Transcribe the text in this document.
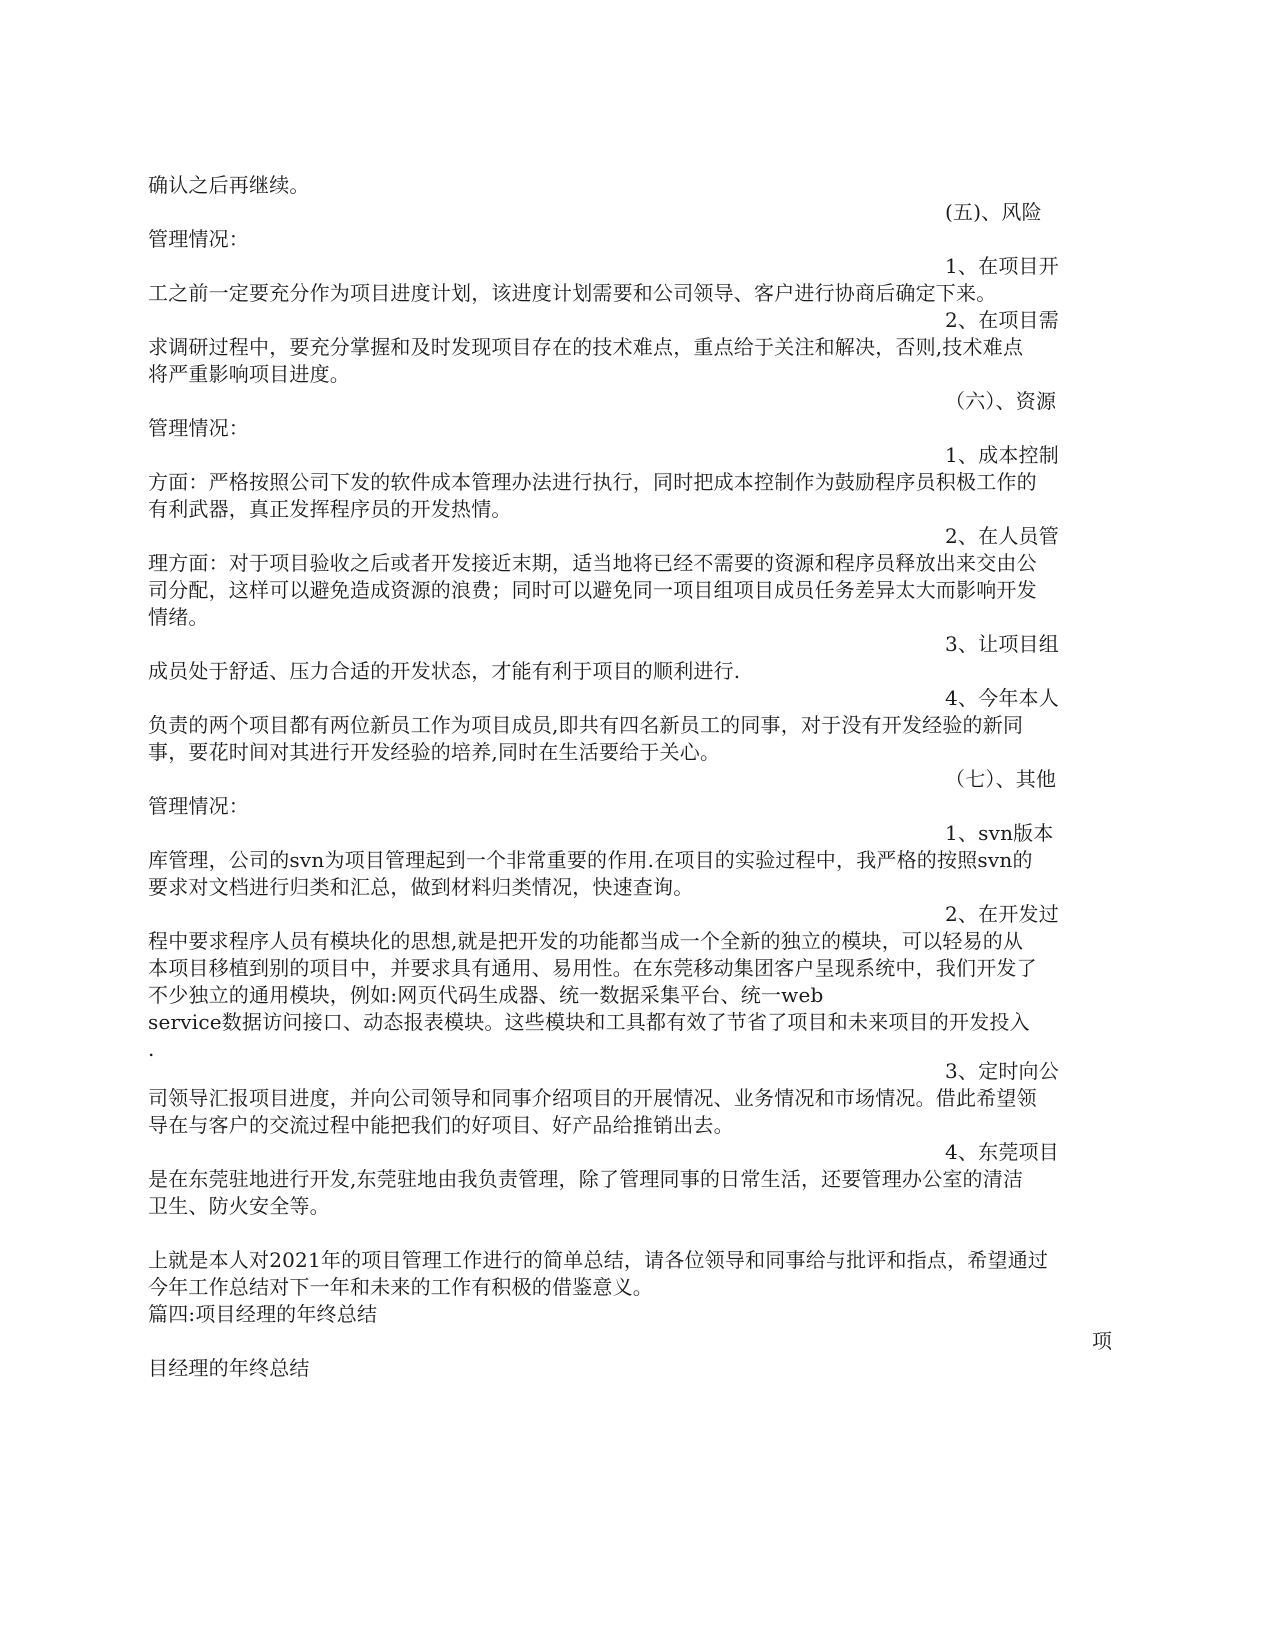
确认之后再继续。
(五)、风险
管理情况：
1、在项目开
工之前一定要充分作为项目进度计划，该进度计划需要和公司领导、客户进行协商后确定下来。
2、在项目需
求调研过程中，要充分掌握和及时发现项目存在的技术难点，重点给于关注和解决，否则,技术难点
将严重影响项目进度。
（六）、资源
管理情况：
1、成本控制
方面：严格按照公司下发的软件成本管理办法进行执行，同时把成本控制作为鼓励程序员积极工作的
有利武器，真正发挥程序员的开发热情。
2、在人员管
理方面：对于项目验收之后或者开发接近末期，适当地将已经不需要的资源和程序员释放出来交由公
司分配，这样可以避免造成资源的浪费；同时可以避免同一项目组项目成员任务差异太大而影响开发
情绪。
3、让项目组
成员处于舒适、压力合适的开发状态，才能有利于项目的顺利进行.
4、今年本人
负责的两个项目都有两位新员工作为项目成员,即共有四名新员工的同事，对于没有开发经验的新同
事，要花时间对其进行开发经验的培养,同时在生活要给于关心。
（七）、其他
管理情况：
1、svn版本
库管理，公司的svn为项目管理起到一个非常重要的作用.在项目的实验过程中，我严格的按照svn的
要求对文档进行归类和汇总，做到材料归类情况，快速查询。
2、在开发过
程中要求程序人员有模块化的思想,就是把开发的功能都当成一个全新的独立的模块，可以轻易的从
本项目移植到别的项目中，并要求具有通用、易用性。在东莞移动集团客户呈现系统中，我们开发了
不少独立的通用模块，例如:网页代码生成器、统一数据采集平台、统一web
service数据访问接口、动态报表模块。这些模块和工具都有效了节省了项目和未来项目的开发投入
.
3、定时向公
司领导汇报项目进度，并向公司领导和同事介绍项目的开展情况、业务情况和市场情况。借此希望领
导在与客户的交流过程中能把我们的好项目、好产品给推销出去。
4、东莞项目
是在东莞驻地进行开发,东莞驻地由我负责管理，除了管理同事的日常生活，还要管理办公室的清洁
卫生、防火安全等。
上就是本人对2021年的项目管理工作进行的简单总结，请各位领导和同事给与批评和指点，希望通过
今年工作总结对下一年和未来的工作有积极的借鉴意义。
篇四:项目经理的年终总结
项
目经理的年终总结
